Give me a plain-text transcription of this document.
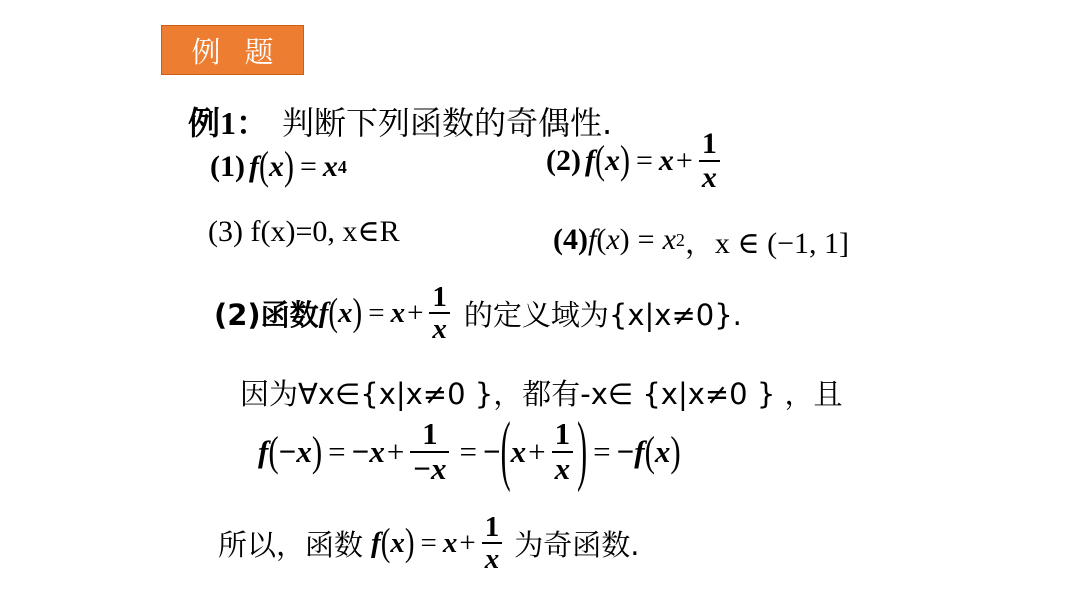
例题
例1： 判断下列函数的奇偶性.
(1) f ( x ) = x 4	(2) f ( x ) = $x + \frac{1}{x}$
(3) f(x)=0, x∈R	(4) f ( x ) = x 2 ，x ∈ (−1, 1]
(2)函数 f ( x ) = $x + \frac{1}{x}$ 的定义域为{x|x≠0}.
因为∀x∈{x|x≠0 }，都有-x∈ {x|x≠0 } ，且
f ( − x ) = − $x + \frac{1}{-x}$ = − ( $x + \frac{1}{x}$ ) = − f ( x )
所以，函数 f ( x ) = $x + \frac{1}{x}$ 为奇函数.
